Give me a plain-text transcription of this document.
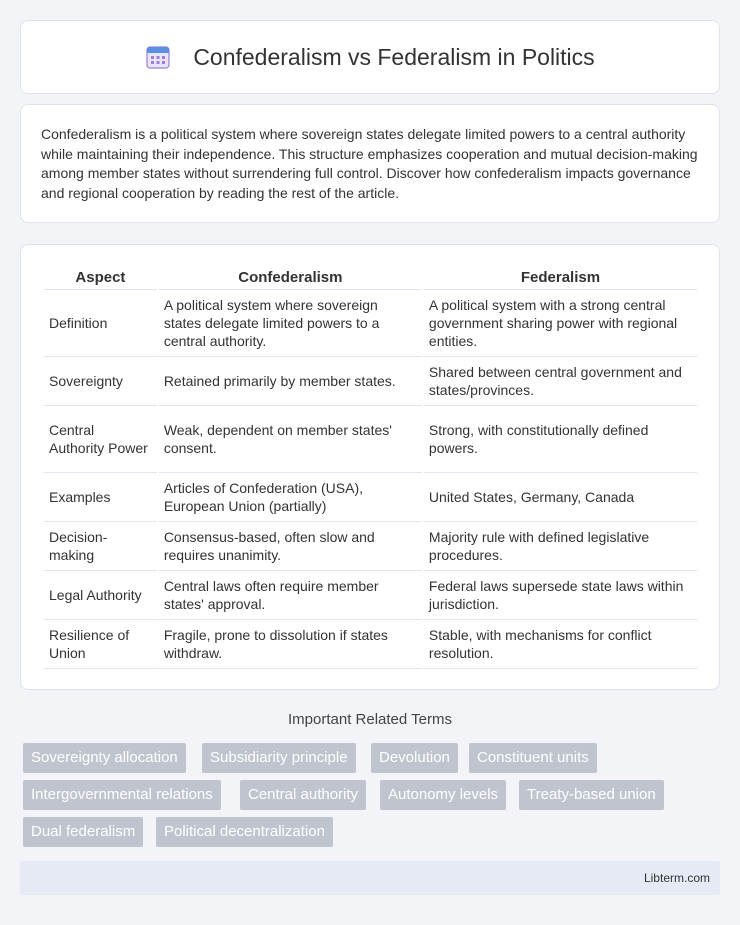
Confederalism vs Federalism in Politics

Confederalism is a political system where sovereign states delegate limited powers to a central authority while maintaining their independence. This structure emphasizes cooperation and mutual decision-making among member states without surrendering full control. Discover how confederalism impacts governance and regional cooperation by reading the rest of the article.

Aspect	Confederalism	Federalism
Definition	A political system where sovereign states delegate limited powers to a central authority.	A political system with a strong central government sharing power with regional entities.
Sovereignty	Retained primarily by member states.	Shared between central government and states/provinces.
Central Authority Power	Weak, dependent on member states' consent.	Strong, with constitutionally defined powers.
Examples	Articles of Confederation (USA), European Union (partially)	United States, Germany, Canada
Decision-making	Consensus-based, often slow and requires unanimity.	Majority rule with defined legislative procedures.
Legal Authority	Central laws often require member states' approval.	Federal laws supersede state laws within jurisdiction.
Resilience of Union	Fragile, prone to dissolution if states withdraw.	Stable, with mechanisms for conflict resolution.
Important Related Terms
Sovereignty allocation	Subsidiarity principle	Devolution	Constituent units
Intergovernmental relations	Central authority	Autonomy levels	Treaty-based union
Dual federalism	Political decentralization
Libterm.com
